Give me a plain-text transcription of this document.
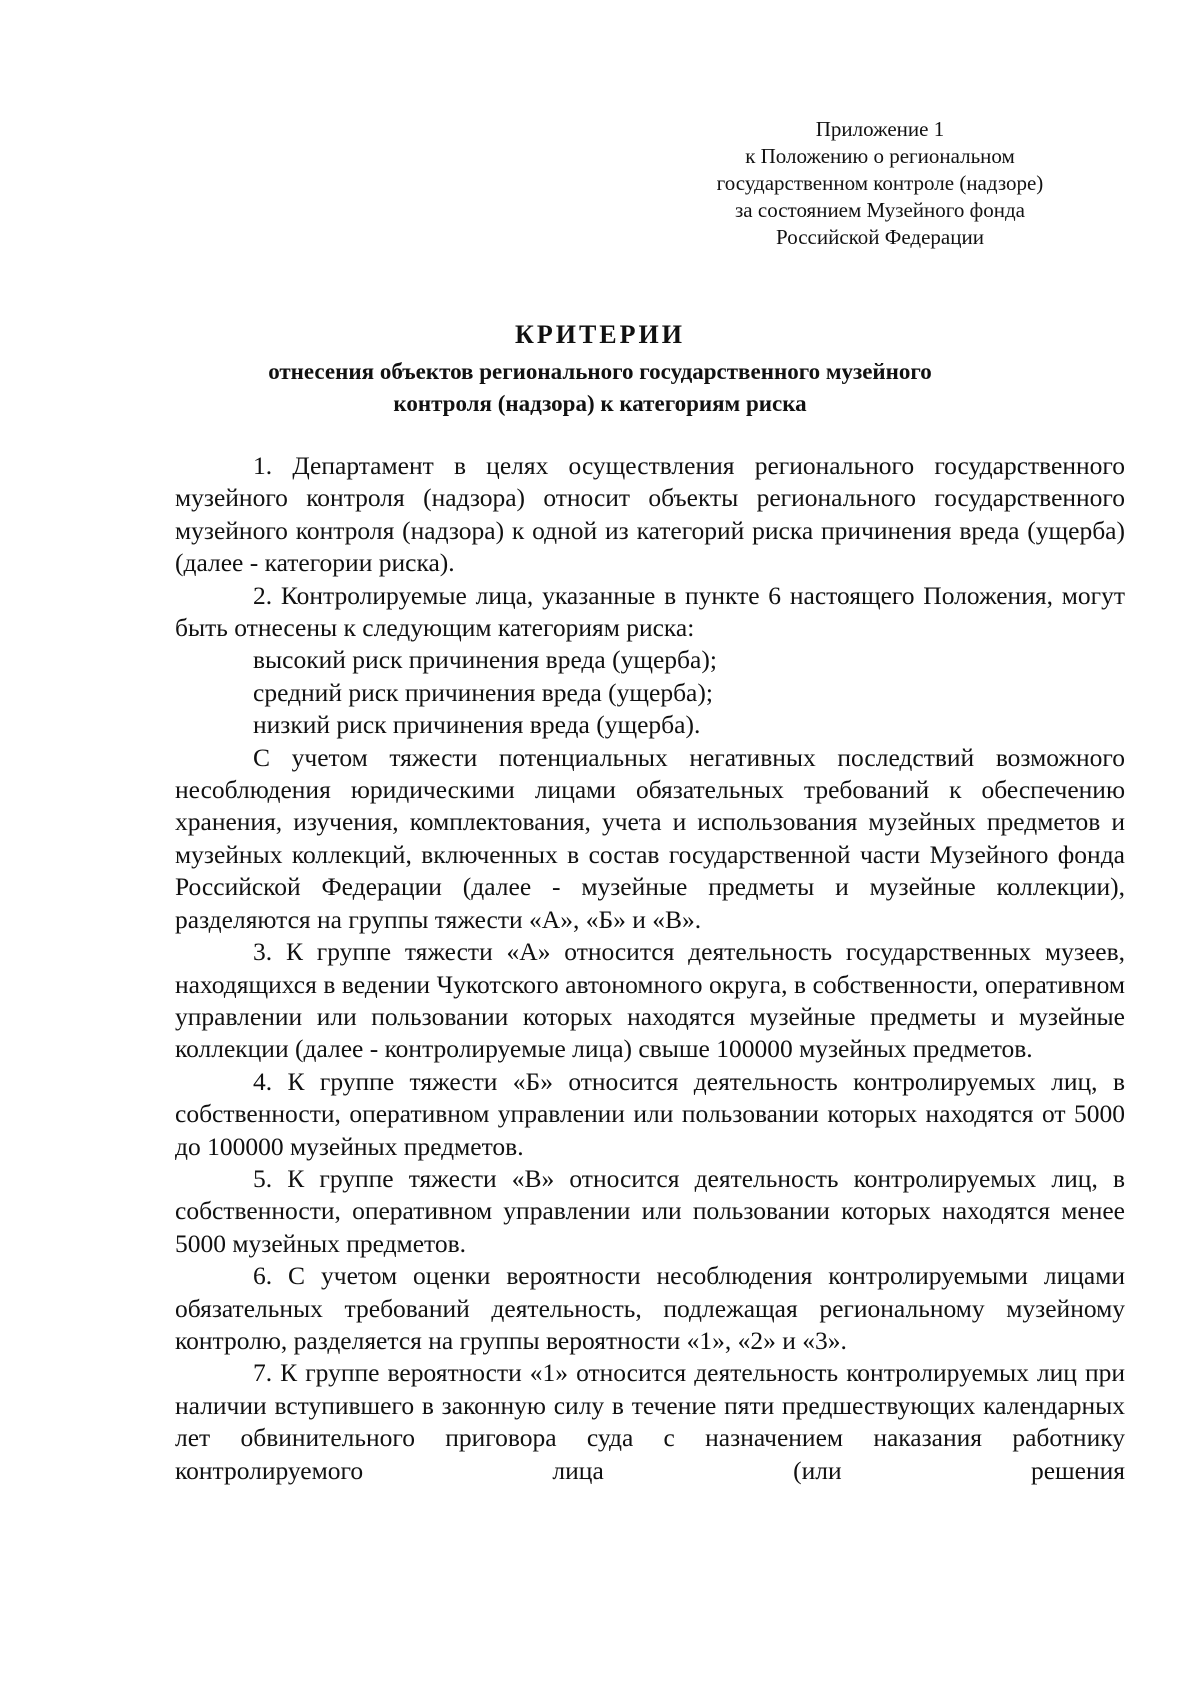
Приложение 1
к Положению о региональном
государственном контроле (надзоре)
за состоянием Музейного фонда
Российской Федерации
КРИТЕРИИ
отнесения объектов регионального государственного музейного
контроля (надзора) к категориям риска

1. Департамент в целях осуществления регионального государственного музейного контроля (надзора) относит объекты регионального государственного музейного контроля (надзора) к одной из категорий риска причинения вреда (ущерба) (далее - категории риска).

2. Контролируемые лица, указанные в пункте 6 настоящего Положения, могут быть отнесены к следующим категориям риска:

высокий риск причинения вреда (ущерба);

средний риск причинения вреда (ущерба);

низкий риск причинения вреда (ущерба).

С учетом тяжести потенциальных негативных последствий возможного несоблюдения юридическими лицами обязательных требований к обеспечению хранения, изучения, комплектования, учета и использования музейных предметов и музейных коллекций, включенных в состав государственной части Музейного фонда Российской Федерации (далее - музейные предметы и музейные коллекции), разделяются на группы тяжести «А», «Б» и «В».

3. К группе тяжести «А» относится деятельность государственных музеев, находящихся в ведении Чукотского автономного округа, в собственности, оперативном управлении или пользовании которых находятся музейные предметы и музейные коллекции (далее - контролируемые лица) свыше 100000 музейных предметов.

4. К группе тяжести «Б» относится деятельность контролируемых лиц, в собственности, оперативном управлении или пользовании которых находятся от 5000 до 100000 музейных предметов.

5. К группе тяжести «В» относится деятельность контролируемых лиц, в собственности, оперативном управлении или пользовании которых находятся менее 5000 музейных предметов.

6. С учетом оценки вероятности несоблюдения контролируемыми лицами обязательных требований деятельность, подлежащая региональному музейному контролю, разделяется на группы вероятности «1», «2» и «3».

7. К группе вероятности «1» относится деятельность контролируемых лиц при наличии вступившего в законную силу в течение пяти предшествующих календарных лет обвинительного приговора суда с назначением наказания работнику контролируемого лица (или решения
